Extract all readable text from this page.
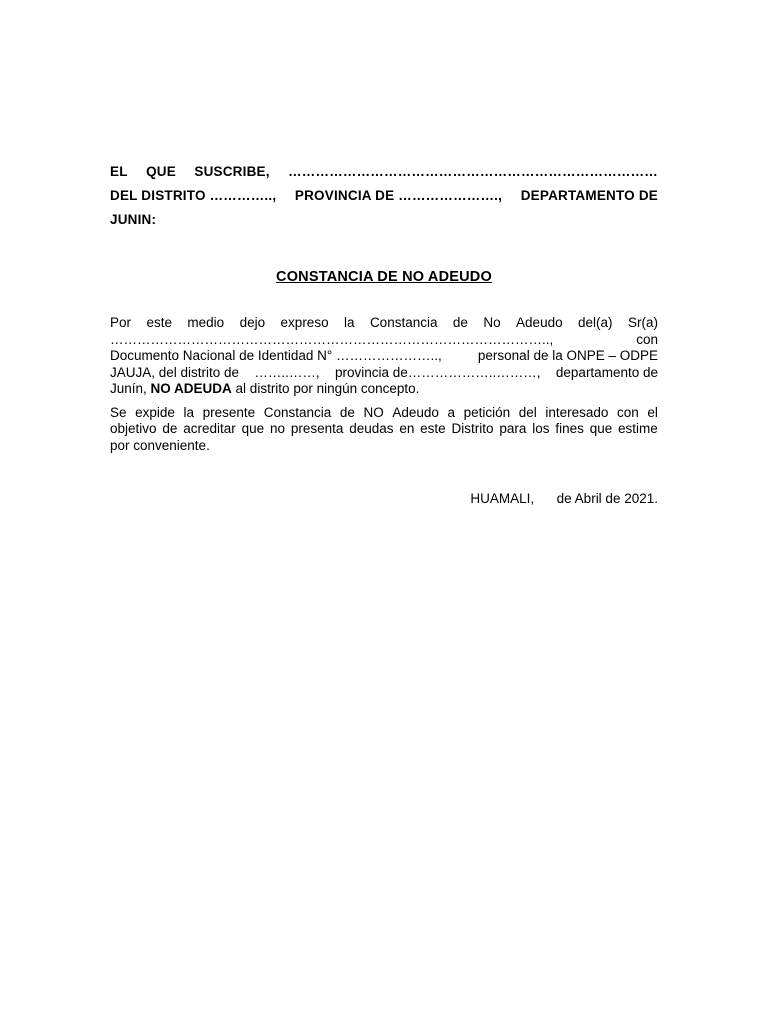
EL QUE SUSCRIBE, ………………………………………………………………………
DEL DISTRITO ………….., PROVINCIA DE …………………., DEPARTAMENTO DE
JUNIN:
CONSTANCIA DE NO ADEUDO
Por este medio dejo expreso la Constancia de No Adeudo del(a) Sr(a)
……………………………………………………………………………………..,	con
Documento Nacional de Identidad N° …………………..,	personal de la ONPE – ODPE
JAUJA, del distrito de ……..……, provincia de………………..………, departamento de
Junín, NO ADEUDA al distrito por ningún concepto.
Se expide la presente Constancia de NO Adeudo a petición del interesado con el
objetivo de acreditar que no presenta deudas en este Distrito para los fines que estime
por conveniente.
HUAMALI,      de Abril de 2021.
